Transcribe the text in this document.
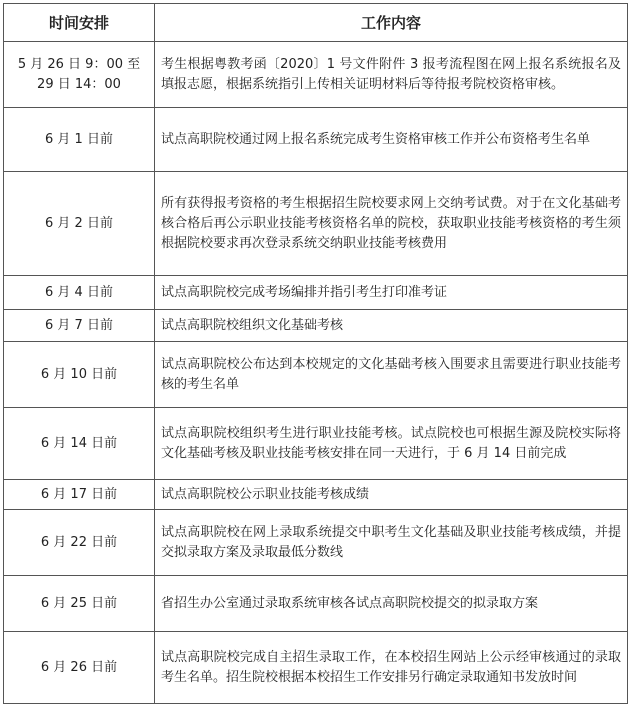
时间安排	工作内容
5 月 26 日 9：00 至 29 日 14：00	考生根据粤教考函〔2020〕1 号文件附件 3 报考流程图在网上报名系统报名及填报志愿，根据系统指引上传相关证明材料后等待报考院校资格审核。
6 月 1 日前	试点高职院校通过网上报名系统完成考生资格审核工作并公布资格考生名单
6 月 2 日前	所有获得报考资格的考生根据招生院校要求网上交纳考试费。对于在文化基础考核合格后再公示职业技能考核资格名单的院校，获取职业技能考核资格的考生须根据院校要求再次登录系统交纳职业技能考核费用
6 月 4 日前	试点高职院校完成考场编排并指引考生打印准考证
6 月 7 日前	试点高职院校组织文化基础考核
6 月 10 日前	试点高职院校公布达到本校规定的文化基础考核入围要求且需要进行职业技能考核的考生名单
6 月 14 日前	试点高职院校组织考生进行职业技能考核。试点院校也可根据生源及院校实际将文化基础考核及职业技能考核安排在同一天进行，于 6 月 14 日前完成
6 月 17 日前	试点高职院校公示职业技能考核成绩
6 月 22 日前	试点高职院校在网上录取系统提交中职考生文化基础及职业技能考核成绩，并提交拟录取方案及录取最低分数线
6 月 25 日前	省招生办公室通过录取系统审核各试点高职院校提交的拟录取方案
6 月 26 日前	试点高职院校完成自主招生录取工作，在本校招生网站上公示经审核通过的录取考生名单。招生院校根据本校招生工作安排另行确定录取通知书发放时间
